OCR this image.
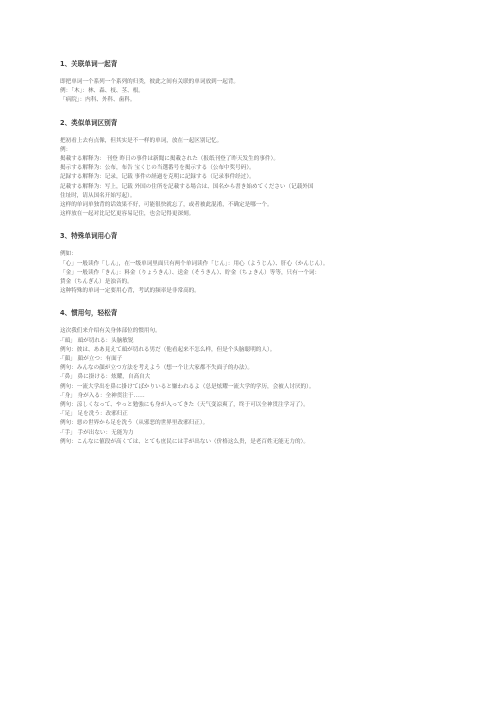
1、关联单词一起背
即把单词一个系列一个系列的归类，彼此之间有关联的单词放到一起背。
例：「木」：林、森、枝、茎、根。
「病院」：内科、外科、歯科。
2、类似单词区别背
把初看上去有点像，但其实是不一样的单词，放在一起区别记忆。
例：
掲載する解释为： 刊登 昨日の事件は新聞に掲載された（报纸刊登了昨天发生的事件）。
掲示する解释为：公布，布告 宝くじの当選番号を掲示する（公布中奖号码）。
記録する解释为：记录，记载 事件の経過を克明に記録する（记录事件经过）。
記載する解释为：写上，记载 外国の住所を記載する場合は、国名から書き始めてください（记载外国
住址时，请从国名开始写起）。
这样的单词单独背的话效果不好，可能很快就忘了，或者被此混淆，不确定是哪一个。
这样放在一起对比记忆更容易记住，也会记得更深刻。
3、特殊单词用心背
例如：
「心」一般读作「しん」，在一级单词里面只有两个单词读作「じん」：用心（ようじん）、肝心（かんじん）。
「金」一般读作「きん」：料金（りょうきん）、送金（そうきん）、貯金（ちょきん）等等，只有一个词：
賃金（ちんぎん）是浊音的。
这种特殊的单词一定要用心背，考试的频率是非常高的。
4、惯用句，轻松背
这次我们来介绍有关身体部位的惯用句。
·「頭」 頭が切れる：头脑敏锐
例句：彼は、ああ見えて頭が切れる男だ（他看起来不怎么样，但是个头脑聪明的人）。
·「顔」 顔が立つ：有面子
例句：みんなの顔が立つ方法を考えよう（想一个让大家都不失面子的办法）。
·「鼻」 鼻に掛ける：炫耀，自高自大
例句：一流大学出を鼻に掛けてばかりいると嫌われるよ（总是炫耀一流大学的学历，会被人讨厌的）。
·「身」 身が入る：全神贯注于……
例句：涼しくなって、やっと勉強にも身が入ってきた（天气变凉爽了，终于可以全神贯注学习了）。
·「足」 足を洗う：改邪归正
例句：悪の世界から足を洗う（从邪恶的世界里改邪归正）。
·「手」 手が出ない：无能为力
例句：こんなに値段が高くては、とても庶民には手が出ない（价格这么贵，是老百姓无能无力的）。
